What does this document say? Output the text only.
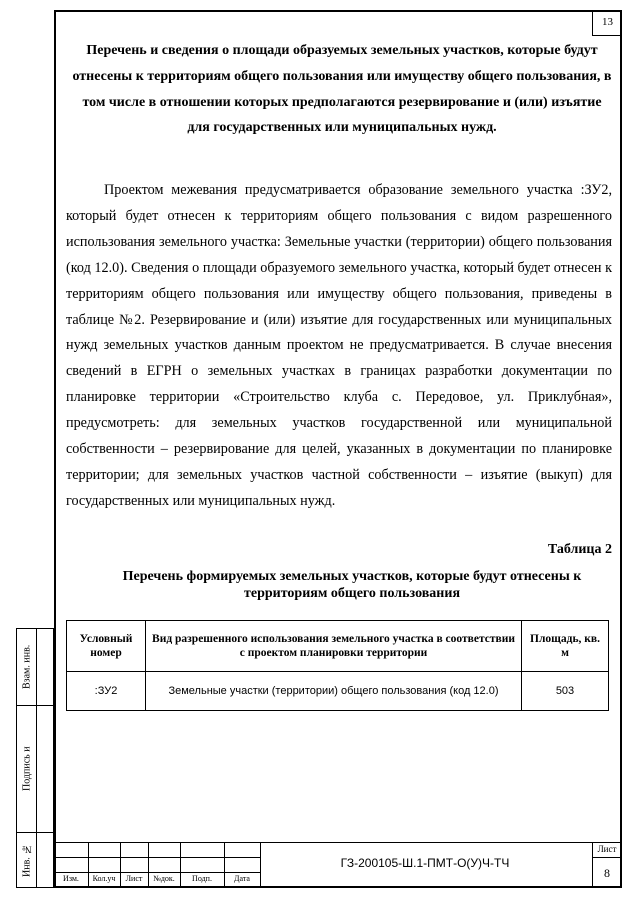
13
Перечень и сведения о площади образуемых земельных участков, которые будут отнесены к территориям общего пользования или имуществу общего пользования, в том числе в отношении которых предполагаются резервирование и (или) изъятие для государственных или муниципальных нужд.

Проектом межевания предусматривается образование земельного участка :ЗУ2, который будет отнесен к территориям общего пользования с видом разрешенного использования земельного участка: Земельные участки (территории) общего пользования (код 12.0). Сведения о площади образуемого земельного участка, который будет отнесен к территориям общего пользования или имуществу общего пользования, приведены в таблице №2. Резервирование и (или) изъятие для государственных или муниципальных нужд земельных участков данным проектом не предусматривается. В случае внесения сведений в ЕГРН о земельных участках в границах разработки документации по планировке территории «Строительство клуба с. Передовое, ул. Приклубная», предусмотреть: для земельных участков государственной или муниципальной собственности – резервирование для целей, указанных в документации по планировке территории; для земельных участков частной собственности – изъятие (выкуп) для государственных или муниципальных нужд.

Таблица 2
Перечень формируемых земельных участков, которые будут отнесены к территориям общего пользования
Условный номер	Вид разрешенного использования земельного участка в соответствии с проектом планировки территории	Площадь, кв. м
:ЗУ2	Земельные участки (территории) общего пользования (код 12.0)	503
Взам. инв.
Подпись и
Инв. №
Изм.	Кол.уч	Лист	№док.	Подп.	Дата
ГЗ-200105-Ш.1-ПМТ-О(У)Ч-ТЧ
Лист
8
